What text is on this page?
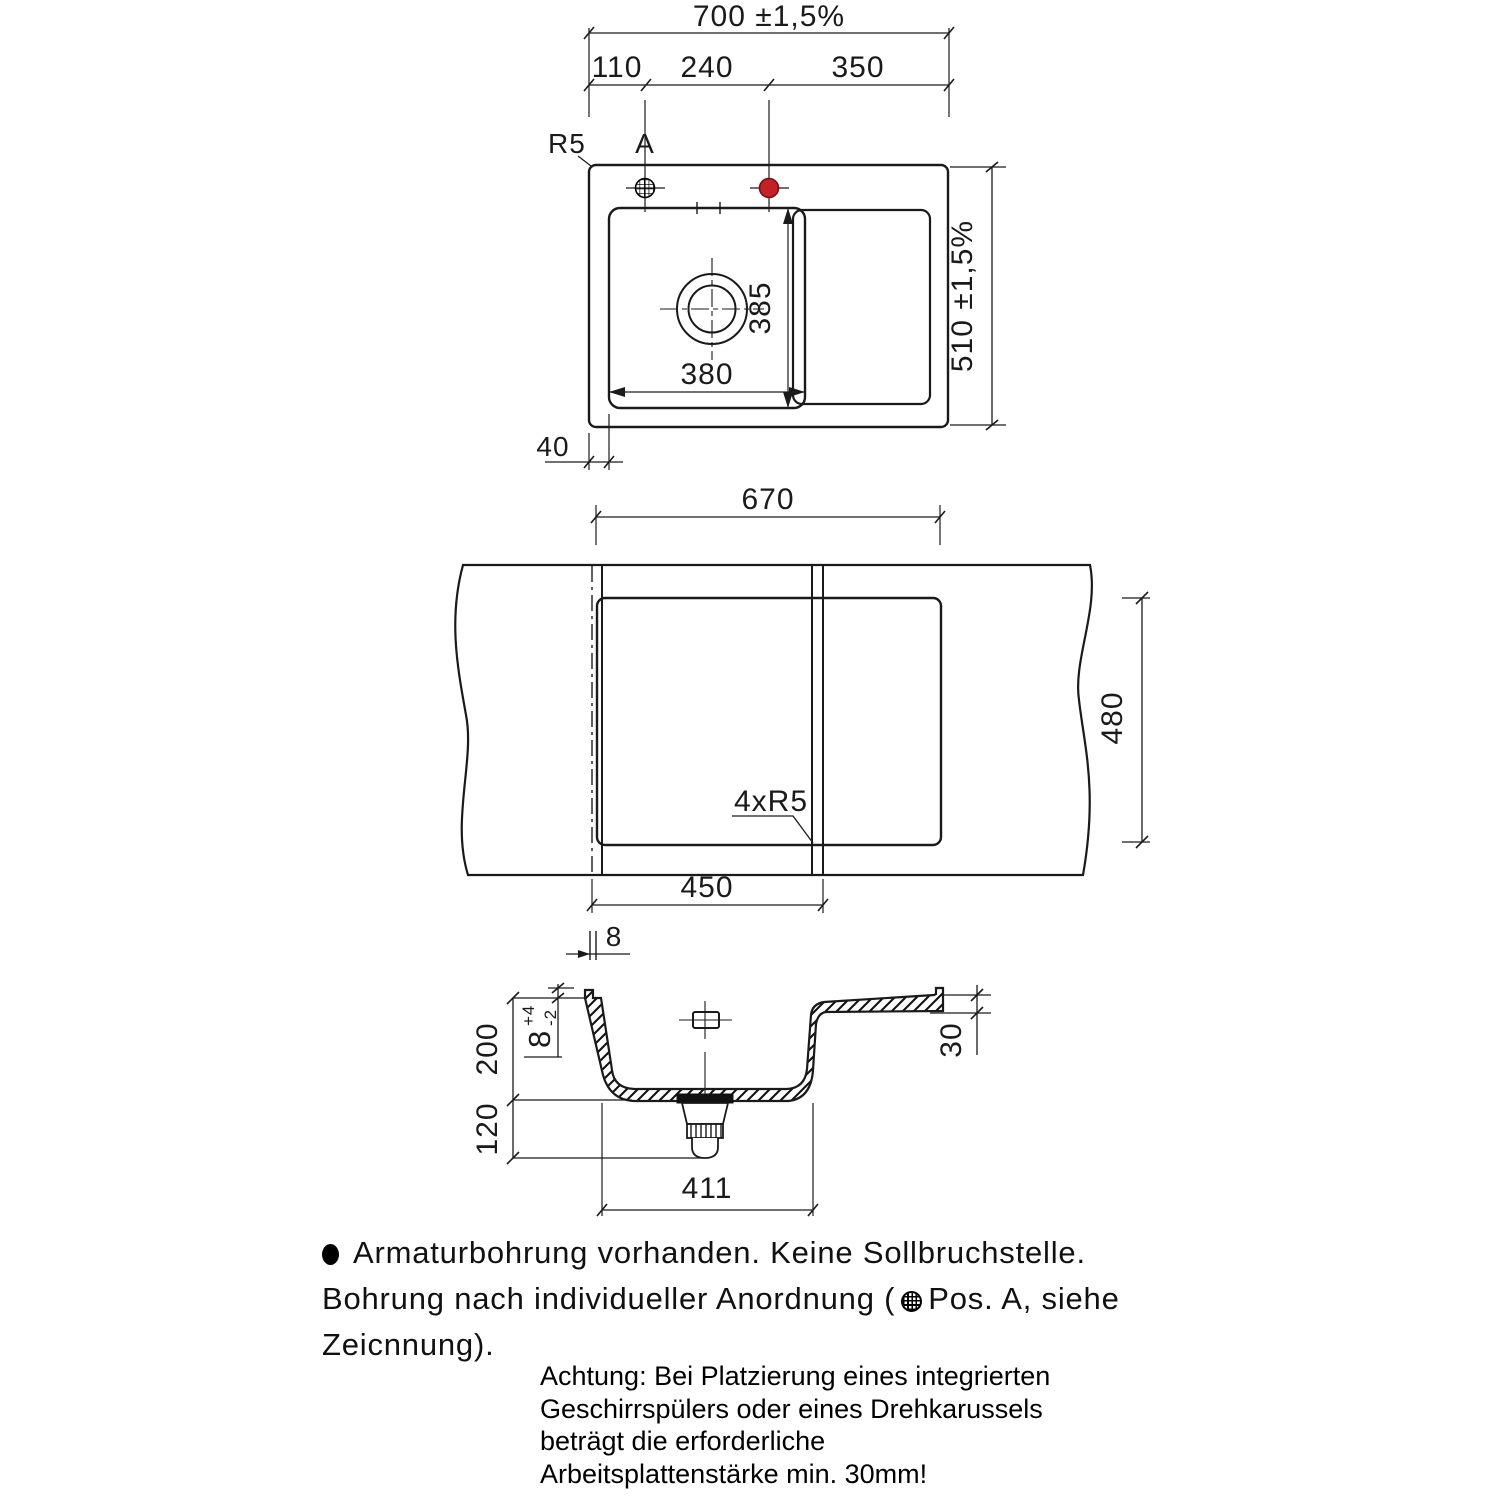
700 ±1,5%
110 240	350
R5 A
510 ±1,5%
385
380
40
670
480
450
8
4xR5
200 8
+4 -2
120
30
411
Armaturbohrung vorhanden. Keine Sollbruchstelle.
Bohrung nach individueller Anordnung ( Pos. A, siehe
Zeicnnung).
Achtung: Bei Platzierung eines integrierten
Geschirrspülers oder eines Drehkarussels
beträgt die erforderliche
Arbeitsplattenstärke min. 30mm!
